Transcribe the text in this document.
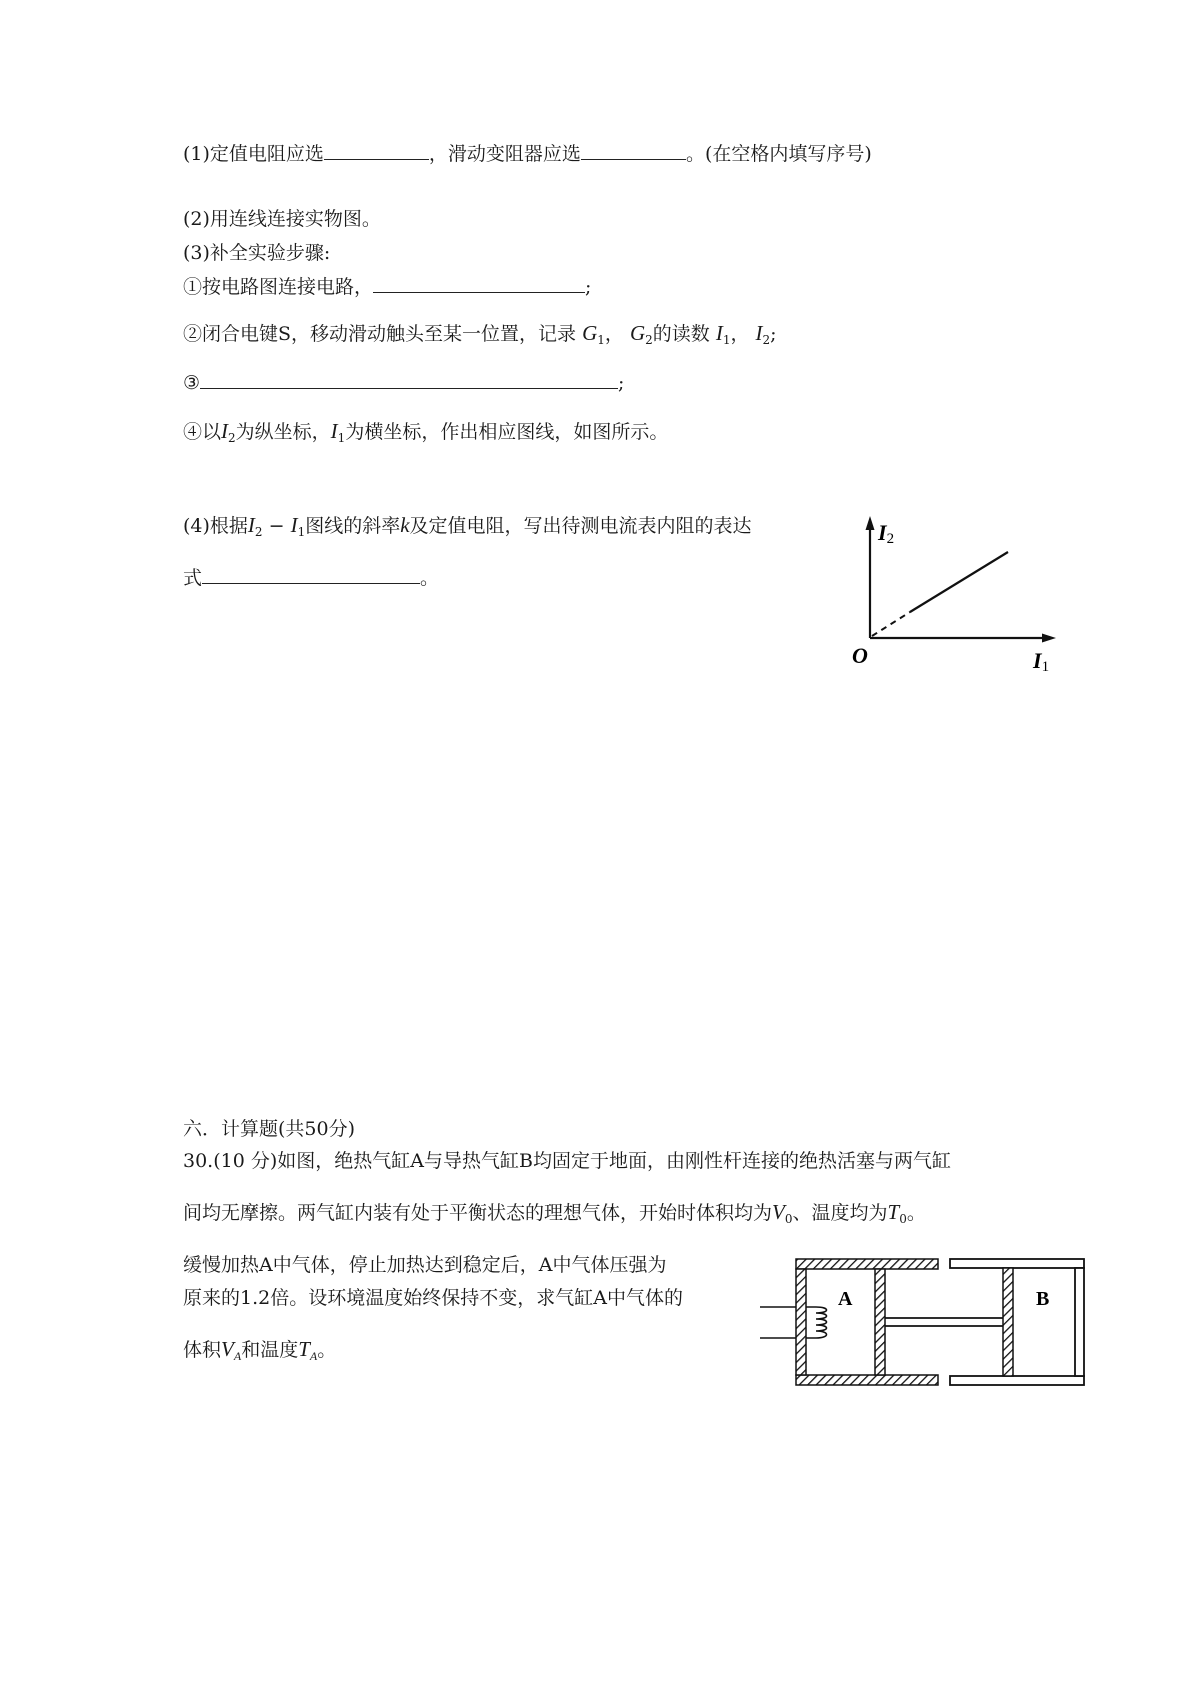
(1)定值电阻应选	，滑动变阻器应选	。(在空格内填写序号)
(2)用连线连接实物图。
(3)补全实验步骤:
①按电路图连接电路，	;
②闭合电键S，移动滑动触头至某一位置，记录 $G_1$， $G_2$的读数 $I_1$， $I_2$;
③	;
④以$I_2$为纵坐标，$I_1$为横坐标，作出相应图线，如图所示。
(4)根据$I_2 - I_1$图线的斜率k及定值电阻，写出待测电流表内阻的表达
式	。
I2
I1
O
六．计算题(共50分)
30.(10 分)如图，绝热气缸A与导热气缸B均固定于地面，由刚性杆连接的绝热活塞与两气缸
间均无摩擦。两气缸内装有处于平衡状态的理想气体，开始时体积均为$V_0$、温度均为$T_0$。
缓慢加热A中气体，停止加热达到稳定后，A中气体压强为
原来的1.2倍。设环境温度始终保持不变，求气缸A中气体的
体积$V_A$和温度$T_A$。
A	B
